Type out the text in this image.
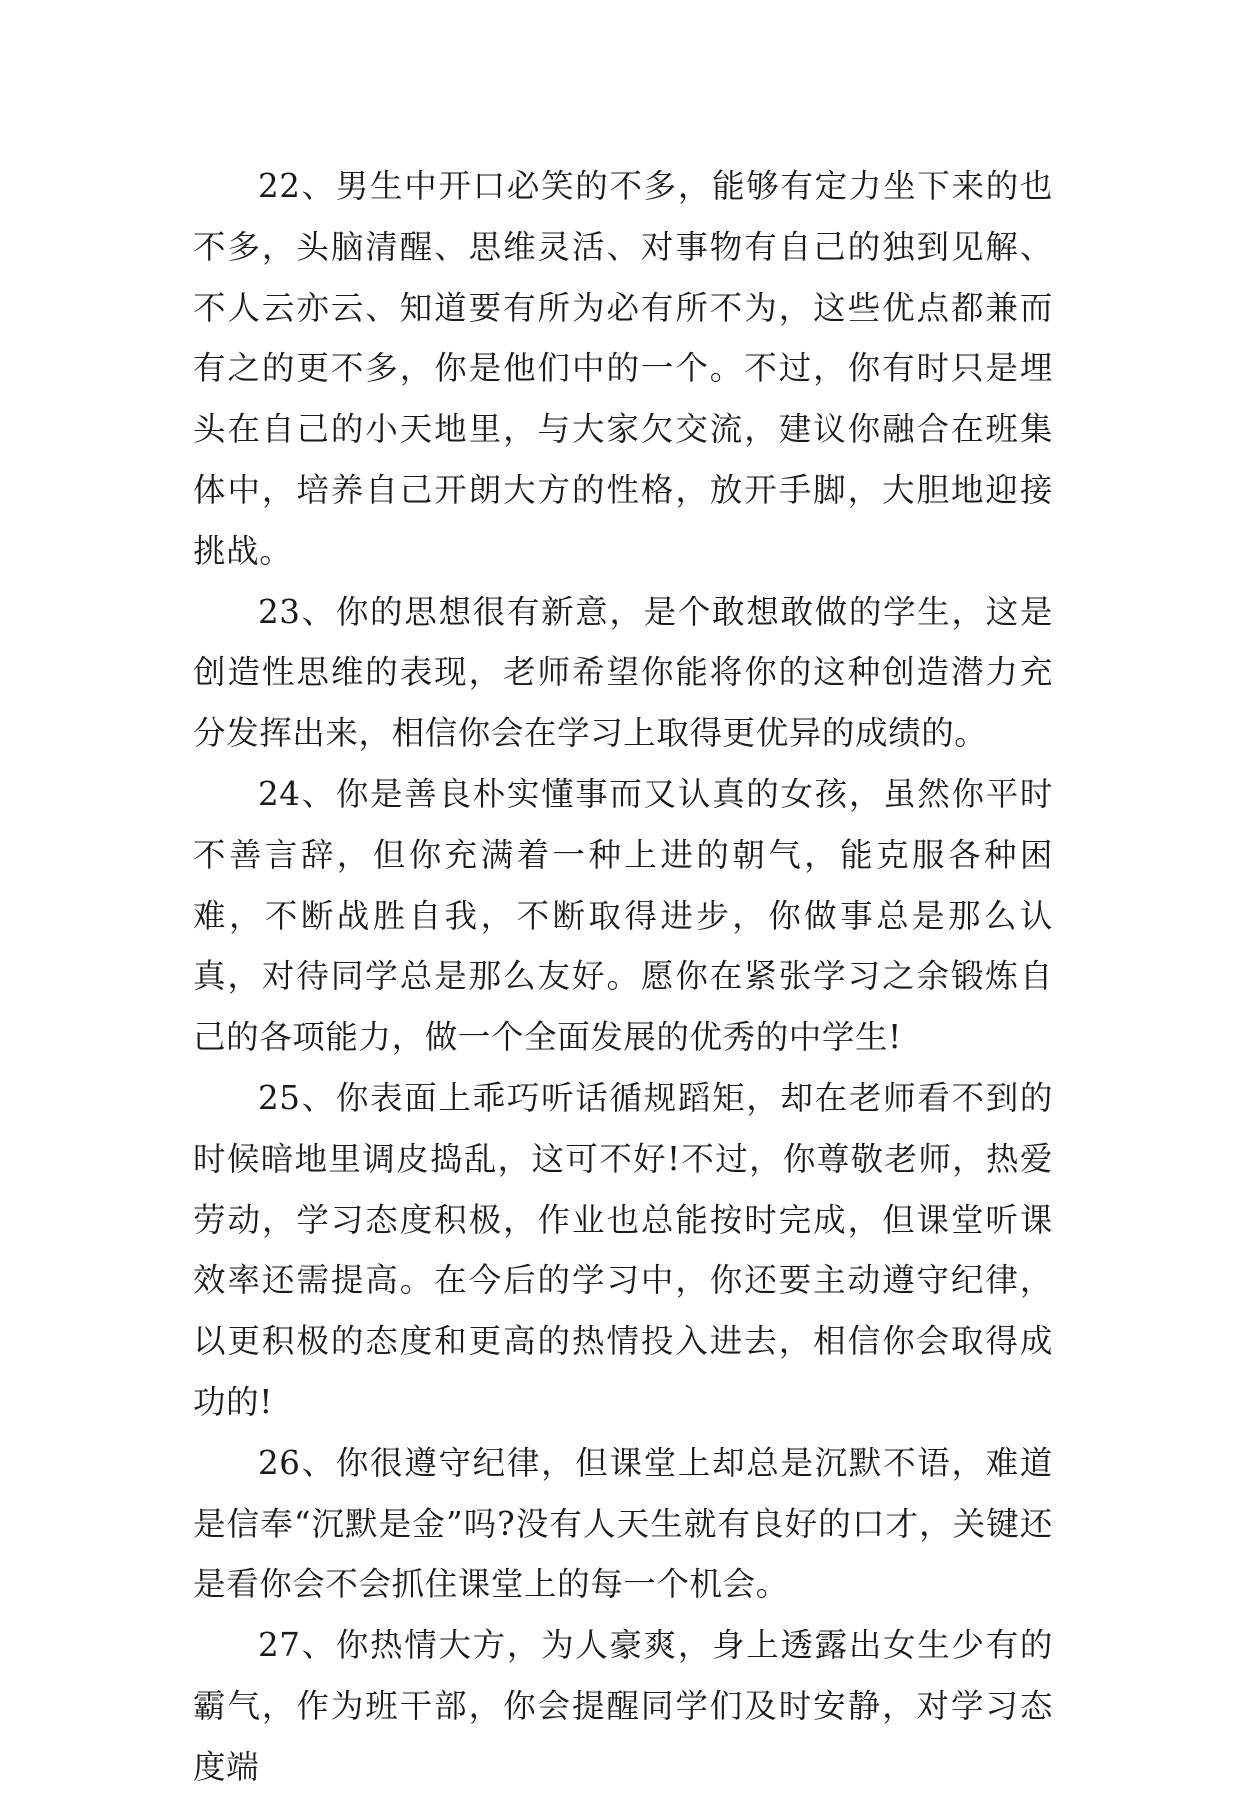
22、男生中开口必笑的不多，能够有定力坐下来的也不多，头脑清醒、思维灵活、对事物有自己的独到见解、不人云亦云、知道要有所为必有所不为，这些优点都兼而有之的更不多，你是他们中的一个。不过，你有时只是埋头在自己的小天地里，与大家欠交流，建议你融合在班集体中，培养自己开朗大方的性格，放开手脚，大胆地迎接挑战。

23、你的思想很有新意，是个敢想敢做的学生，这是创造性思维的表现，老师希望你能将你的这种创造潜力充分发挥出来，相信你会在学习上取得更优异的成绩的。

24、你是善良朴实懂事而又认真的女孩，虽然你平时不善言辞，但你充满着一种上进的朝气，能克服各种困难，不断战胜自我，不断取得进步，你做事总是那么认真，对待同学总是那么友好。愿你在紧张学习之余锻炼自己的各项能力，做一个全面发展的优秀的中学生!

25、你表面上乖巧听话循规蹈矩，却在老师看不到的时候暗地里调皮捣乱，这可不好!不过，你尊敬老师，热爱劳动，学习态度积极，作业也总能按时完成，但课堂听课效率还需提高。在今后的学习中，你还要主动遵守纪律，以更积极的态度和更高的热情投入进去，相信你会取得成功的!

26、你很遵守纪律，但课堂上却总是沉默不语，难道是信奉“沉默是金”吗?没有人天生就有良好的口才，关键还是看你会不会抓住课堂上的每一个机会。

27、你热情大方，为人豪爽，身上透露出女生少有的霸气，作为班干部，你会提醒同学们及时安静，对学习态度端
